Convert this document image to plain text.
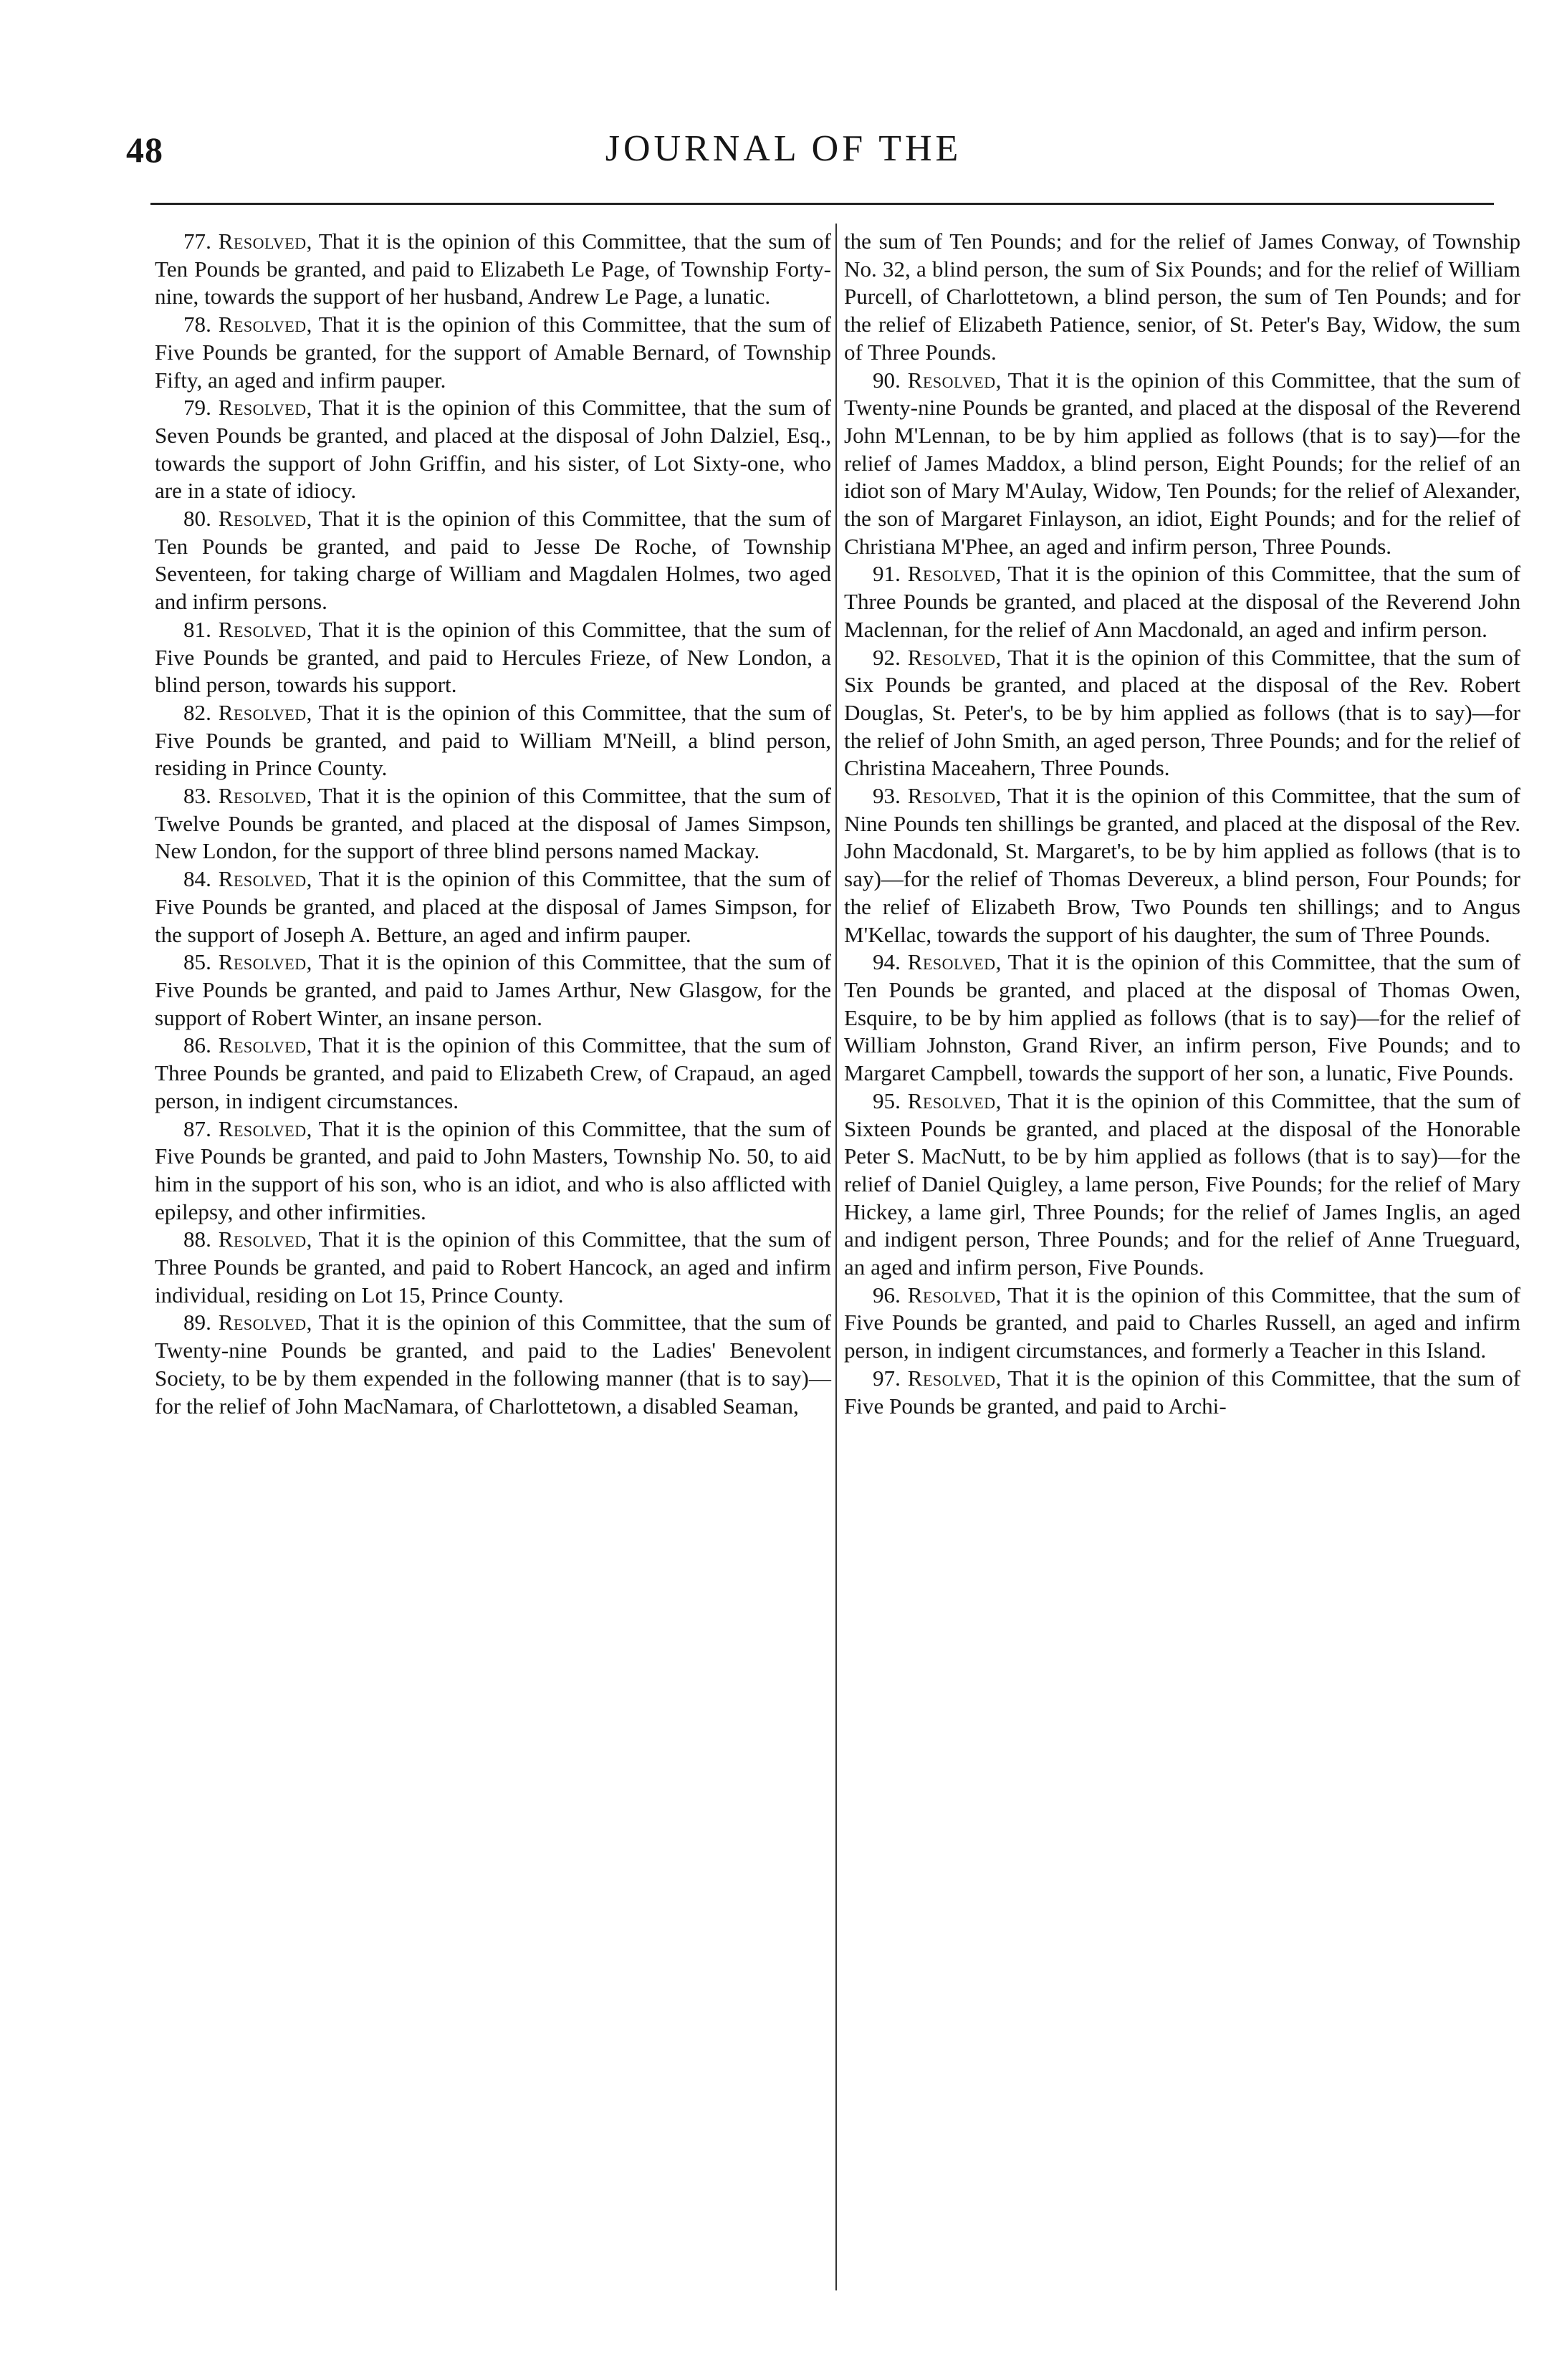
48	JOURNAL OF THE

77. Resolved, That it is the opinion of this Committee, that the sum of Ten Pounds be granted, and paid to Elizabeth Le Page, of Township Forty-nine, towards the support of her husband, Andrew Le Page, a lunatic.

78. Resolved, That it is the opinion of this Committee, that the sum of Five Pounds be granted, for the support of Amable Bernard, of Township Fifty, an aged and infirm pauper.

79. Resolved, That it is the opinion of this Committee, that the sum of Seven Pounds be granted, and placed at the disposal of John Dalziel, Esq., towards the support of John Griffin, and his sister, of Lot Sixty-one, who are in a state of idiocy.

80. Resolved, That it is the opinion of this Committee, that the sum of Ten Pounds be granted, and paid to Jesse De Roche, of Township Seventeen, for taking charge of William and Magdalen Holmes, two aged and infirm persons.

81. Resolved, That it is the opinion of this Committee, that the sum of Five Pounds be granted, and paid to Hercules Frieze, of New London, a blind person, towards his support.

82. Resolved, That it is the opinion of this Committee, that the sum of Five Pounds be granted, and paid to William M'Neill, a blind person, residing in Prince County.

83. Resolved, That it is the opinion of this Committee, that the sum of Twelve Pounds be granted, and placed at the disposal of James Simpson, New London, for the support of three blind persons named Mackay.

84. Resolved, That it is the opinion of this Committee, that the sum of Five Pounds be granted, and placed at the disposal of James Simpson, for the support of Joseph A. Betture, an aged and infirm pauper.

85. Resolved, That it is the opinion of this Committee, that the sum of Five Pounds be granted, and paid to James Arthur, New Glasgow, for the support of Robert Winter, an insane person.

86. Resolved, That it is the opinion of this Committee, that the sum of Three Pounds be granted, and paid to Elizabeth Crew, of Crapaud, an aged person, in indigent circumstances.

87. Resolved, That it is the opinion of this Committee, that the sum of Five Pounds be granted, and paid to John Masters, Township No. 50, to aid him in the support of his son, who is an idiot, and who is also afflicted with epilepsy, and other infirmities.

88. Resolved, That it is the opinion of this Committee, that the sum of Three Pounds be granted, and paid to Robert Hancock, an aged and infirm individual, residing on Lot 15, Prince County.

89. Resolved, That it is the opinion of this Committee, that the sum of Twenty-nine Pounds be granted, and paid to the Ladies' Benevolent Society, to be by them expended in the following manner (that is to say)—for the relief of John MacNamara, of Charlottetown, a disabled Seaman,

the sum of Ten Pounds; and for the relief of James Conway, of Township No. 32, a blind person, the sum of Six Pounds; and for the relief of William Purcell, of Charlottetown, a blind person, the sum of Ten Pounds; and for the relief of Elizabeth Patience, senior, of St. Peter's Bay, Widow, the sum of Three Pounds.

90. Resolved, That it is the opinion of this Committee, that the sum of Twenty-nine Pounds be granted, and placed at the disposal of the Reverend John M'Lennan, to be by him applied as follows (that is to say)—for the relief of James Maddox, a blind person, Eight Pounds; for the relief of an idiot son of Mary M'Aulay, Widow, Ten Pounds; for the relief of Alexander, the son of Margaret Finlayson, an idiot, Eight Pounds; and for the relief of Christiana M'Phee, an aged and infirm person, Three Pounds.

91. Resolved, That it is the opinion of this Committee, that the sum of Three Pounds be granted, and placed at the disposal of the Reverend John Maclennan, for the relief of Ann Macdonald, an aged and infirm person.

92. Resolved, That it is the opinion of this Committee, that the sum of Six Pounds be granted, and placed at the disposal of the Rev. Robert Douglas, St. Peter's, to be by him applied as follows (that is to say)—for the relief of John Smith, an aged person, Three Pounds; and for the relief of Christina Maceahern, Three Pounds.

93. Resolved, That it is the opinion of this Committee, that the sum of Nine Pounds ten shillings be granted, and placed at the disposal of the Rev. John Macdonald, St. Margaret's, to be by him applied as follows (that is to say)—for the relief of Thomas Devereux, a blind person, Four Pounds; for the relief of Elizabeth Brow, Two Pounds ten shillings; and to Angus M'Kellac, towards the support of his daughter, the sum of Three Pounds.

94. Resolved, That it is the opinion of this Committee, that the sum of Ten Pounds be granted, and placed at the disposal of Thomas Owen, Esquire, to be by him applied as follows (that is to say)—for the relief of William Johnston, Grand River, an infirm person, Five Pounds; and to Margaret Campbell, towards the support of her son, a lunatic, Five Pounds.

95. Resolved, That it is the opinion of this Committee, that the sum of Sixteen Pounds be granted, and placed at the disposal of the Honorable Peter S. MacNutt, to be by him applied as follows (that is to say)—for the relief of Daniel Quigley, a lame person, Five Pounds; for the relief of Mary Hickey, a lame girl, Three Pounds; for the relief of James Inglis, an aged and indigent person, Three Pounds; and for the relief of Anne Trueguard, an aged and infirm person, Five Pounds.

96. Resolved, That it is the opinion of this Committee, that the sum of Five Pounds be granted, and paid to Charles Russell, an aged and infirm person, in indigent circumstances, and formerly a Teacher in this Island.

97. Resolved, That it is the opinion of this Committee, that the sum of Five Pounds be granted, and paid to Archi-
